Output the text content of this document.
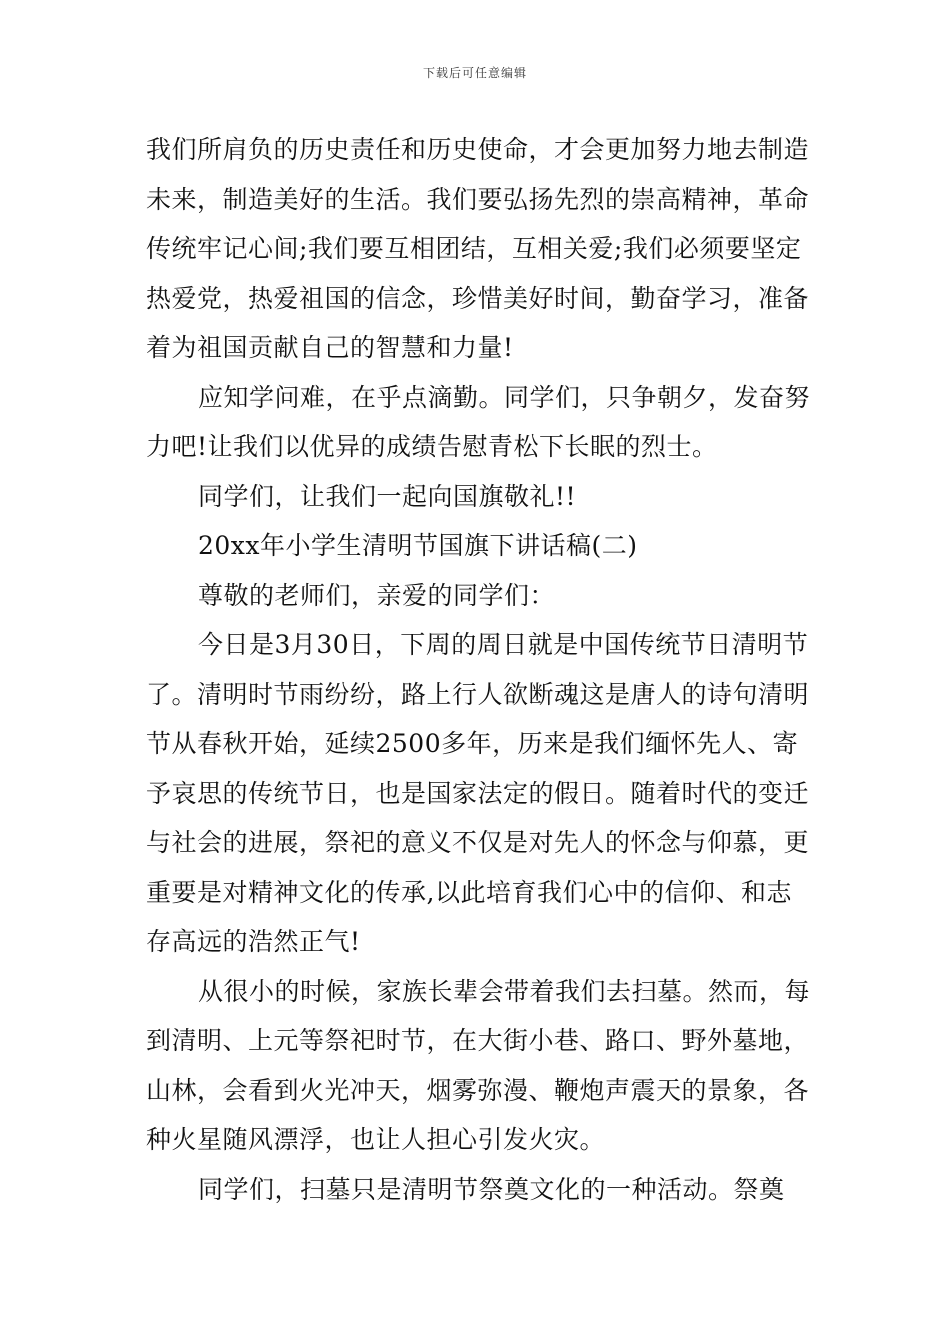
下载后可任意编辑

我们所肩负的历史责任和历史使命，才会更加努力地去制造未来，制造美好的生活。我们要弘扬先烈的崇高精神，革命传统牢记心间;我们要互相团结，互相关爱;我们必须要坚定热爱党，热爱祖国的信念，珍惜美好时间，勤奋学习，准备着为祖国贡献自己的智慧和力量!

应知学问难，在乎点滴勤。同学们，只争朝夕，发奋努力吧!让我们以优异的成绩告慰青松下长眠的烈士。

同学们，让我们一起向国旗敬礼!!

20xx年小学生清明节国旗下讲话稿(二)

尊敬的老师们，亲爱的同学们：

今日是3月30日，下周的周日就是中国传统节日清明节了。清明时节雨纷纷，路上行人欲断魂这是唐人的诗句清明节从春秋开始，延续2500多年，历来是我们缅怀先人、寄予哀思的传统节日，也是国家法定的假日。随着时代的变迁与社会的进展，祭祀的意义不仅是对先人的怀念与仰慕，更重要是对精神文化的传承,以此培育我们心中的信仰、和志存高远的浩然正气!

从很小的时候，家族长辈会带着我们去扫墓。然而，每到清明、上元等祭祀时节，在大街小巷、路口、野外墓地，山林，会看到火光冲天，烟雾弥漫、鞭炮声震天的景象，各种火星随风漂浮，也让人担心引发火灾。

同学们，扫墓只是清明节祭奠文化的一种活动。祭奠
